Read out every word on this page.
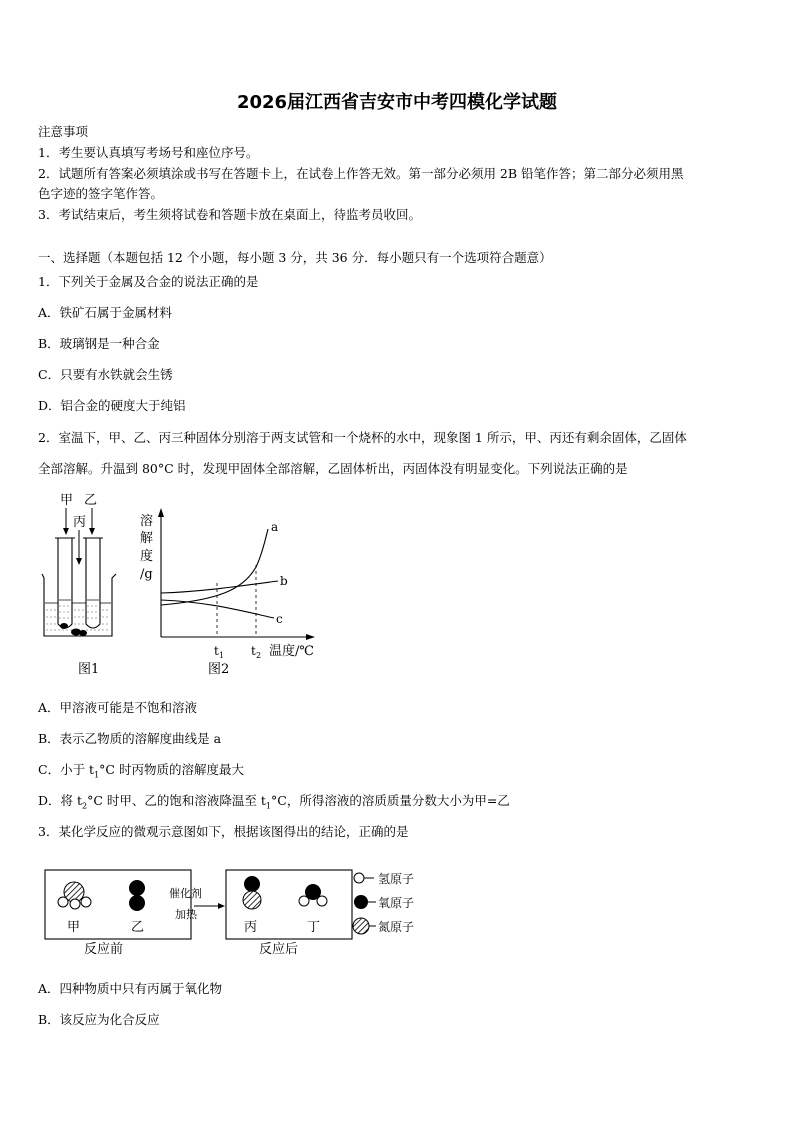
2026届江西省吉安市中考四模化学试题
注意事项
1．考生要认真填写考场号和座位序号。
2．试题所有答案必须填涂或书写在答题卡上，在试卷上作答无效。第一部分必须用 2B 铅笔作答；第二部分必须用黑
色字迹的签字笔作答。
3．考试结束后，考生须将试卷和答题卡放在桌面上，待监考员收回。
一、选择题（本题包括 12 个小题，每小题 3 分，共 36 分．每小题只有一个选项符合题意）
1．下列关于金属及合金的说法正确的是
A．铁矿石属于金属材料
B．玻璃钢是一种合金
C．只要有水铁就会生锈
D．铝合金的硬度大于纯铝
2．室温下，甲、乙、丙三种固体分别溶于两支试管和一个烧杯的水中，现象图 1 所示，甲、丙还有剩余固体，乙固体
全部溶解。升温到 80°C 时，发现甲固体全部溶解，乙固体析出，丙固体没有明显变化。下列说法正确的是
甲 乙
丙
图1
溶
解
度
/g
a
b
c
t 1 t 2 温度/℃
图2
A．甲溶液可能是不饱和溶液
B．表示乙物质的溶解度曲线是 a
C．小于 $t_1^\circ C$ 时丙物质的溶解度最大
D．将 $t_2^\circ C$ 时甲、乙的饱和溶液降温至 $t_1^\circ C$，所得溶液的溶质质量分数大小为甲=乙
3．某化学反应的微观示意图如下，根据该图得出的结论，正确的是
甲	乙
催化剂
加热
丙	丁
反应前	反应后
氢原子
氧原子
氮原子
A．四种物质中只有丙属于氧化物
B．该反应为化合反应
